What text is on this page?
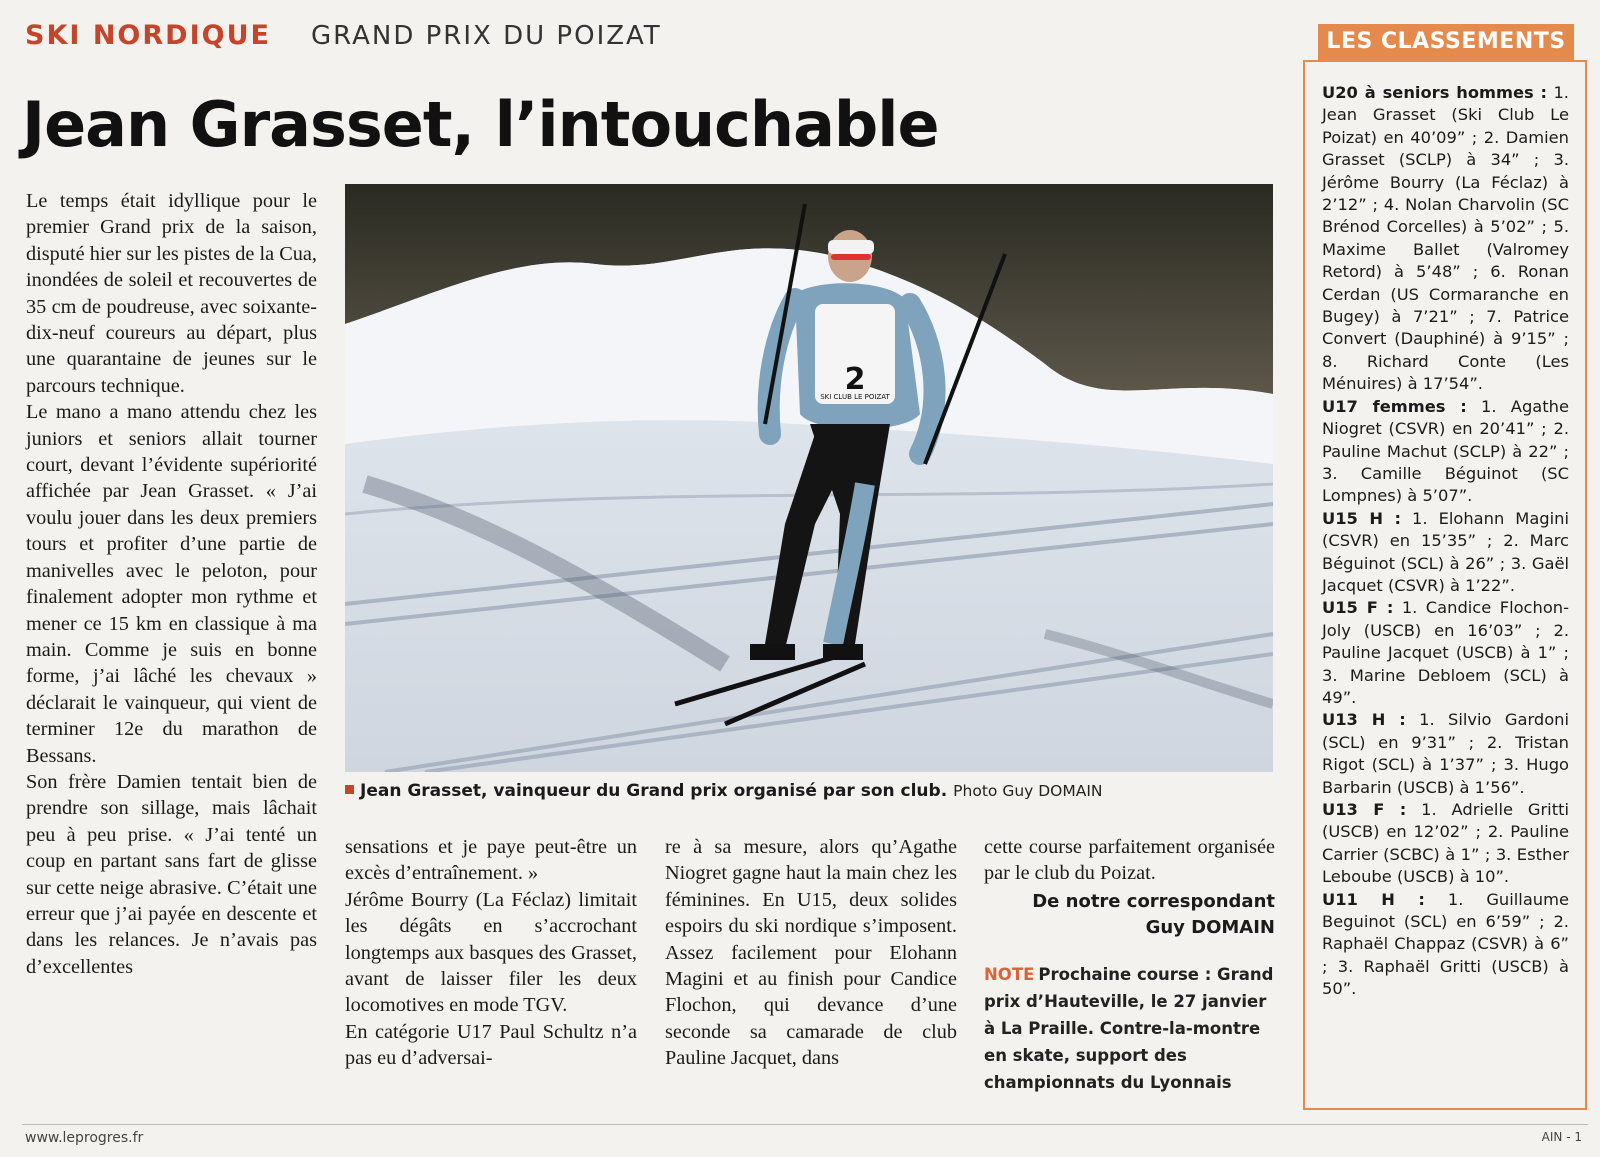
SKI NORDIQUE GRAND PRIX DU POIZAT
Jean Grasset, l’intouchable

Le temps était idyllique pour le premier Grand prix de la saison, disputé hier sur les pistes de la Cua, inondées de soleil et recouvertes de 35 cm de poudreuse, avec soixante-dix-neuf coureurs au départ, plus une quarantaine de jeunes sur le parcours technique.

Le mano a mano attendu chez les juniors et seniors allait tourner court, devant l’évidente supériorité affichée par Jean Grasset. « J’ai voulu jouer dans les deux premiers tours et profiter d’une partie de manivelles avec le peloton, pour finalement adopter mon rythme et mener ce 15 km en classique à ma main. Comme je suis en bonne forme, j’ai lâché les chevaux » déclarait le vainqueur, qui vient de terminer 12e du marathon de Bessans.

Son frère Damien tentait bien de prendre son sillage, mais lâchait peu à peu prise. « J’ai tenté un coup en partant sans fart de glisse sur cette neige abrasive. C’était une erreur que j’ai payée en descente et dans les relances. Je n’avais pas d’excellentes

2
SKI CLUB LE POIZAT
Jean Grasset, vainqueur du Grand prix organisé par son club. Photo Guy DOMAIN

sensations et je paye peut-être un excès d’entraînement. »

Jérôme Bourry (La Féclaz) limitait les dégâts en s’accrochant longtemps aux basques des Grasset, avant de laisser filer les deux locomotives en mode TGV.

En catégorie U17 Paul Schultz n’a pas eu d’adversai-

re à sa mesure, alors qu’Agathe Niogret gagne haut la main chez les féminines. En U15, deux solides espoirs du ski nordique s’imposent. Assez facilement pour Elohann Magini et au finish pour Candice Flochon, qui devance d’une seconde sa camarade de club Pauline Jacquet, dans

cette course parfaitement organisée par le club du Poizat.

De notre correspondant
Guy DOMAIN
NOTE Prochaine course : Grand prix d’Hauteville, le 27 janvier à La Praille. Contre-la-montre en skate, support des championnats du Lyonnais
LES CLASSEMENTS

U20 à seniors hommes : 1. Jean Grasset (Ski Club Le Poizat) en 40’09” ; 2. Damien Grasset (SCLP) à 34” ; 3. Jérôme Bourry (La Féclaz) à 2’12” ; 4. Nolan Charvolin (SC Brénod Corcelles) à 5’02” ; 5. Maxime Ballet (Valromey Retord) à 5’48” ; 6. Ronan Cerdan (US Cormaranche en Bugey) à 7’21” ; 7. Patrice Convert (Dauphiné) à 9’15” ; 8. Richard Conte (Les Ménuires) à 17’54”.

U17 femmes : 1. Agathe Niogret (CSVR) en 20’41” ; 2. Pauline Machut (SCLP) à 22” ; 3. Camille Béguinot (SC Lompnes) à 5’07”.

U15 H : 1. Elohann Magini (CSVR) en 15’35” ; 2. Marc Béguinot (SCL) à 26” ; 3. Gaël Jacquet (CSVR) à 1’22”.

U15 F : 1. Candice Flochon-Joly (USCB) en 16’03” ; 2. Pauline Jacquet (USCB) à 1” ; 3. Marine Debloem (SCL) à 49”.

U13 H : 1. Silvio Gardoni (SCL) en 9’31” ; 2. Tristan Rigot (SCL) à 1’37” ; 3. Hugo Barbarin (USCB) à 1’56”.

U13 F : 1. Adrielle Gritti (USCB) en 12’02” ; 2. Pauline Carrier (SCBC) à 1” ; 3. Esther Leboube (USCB) à 10”.

U11 H : 1. Guillaume Beguinot (SCL) en 6’59” ; 2. Raphaël Chappaz (CSVR) à 6” ; 3. Raphaël Gritti (USCB) à 50”.

www.leprogres.fr	AIN - 1
